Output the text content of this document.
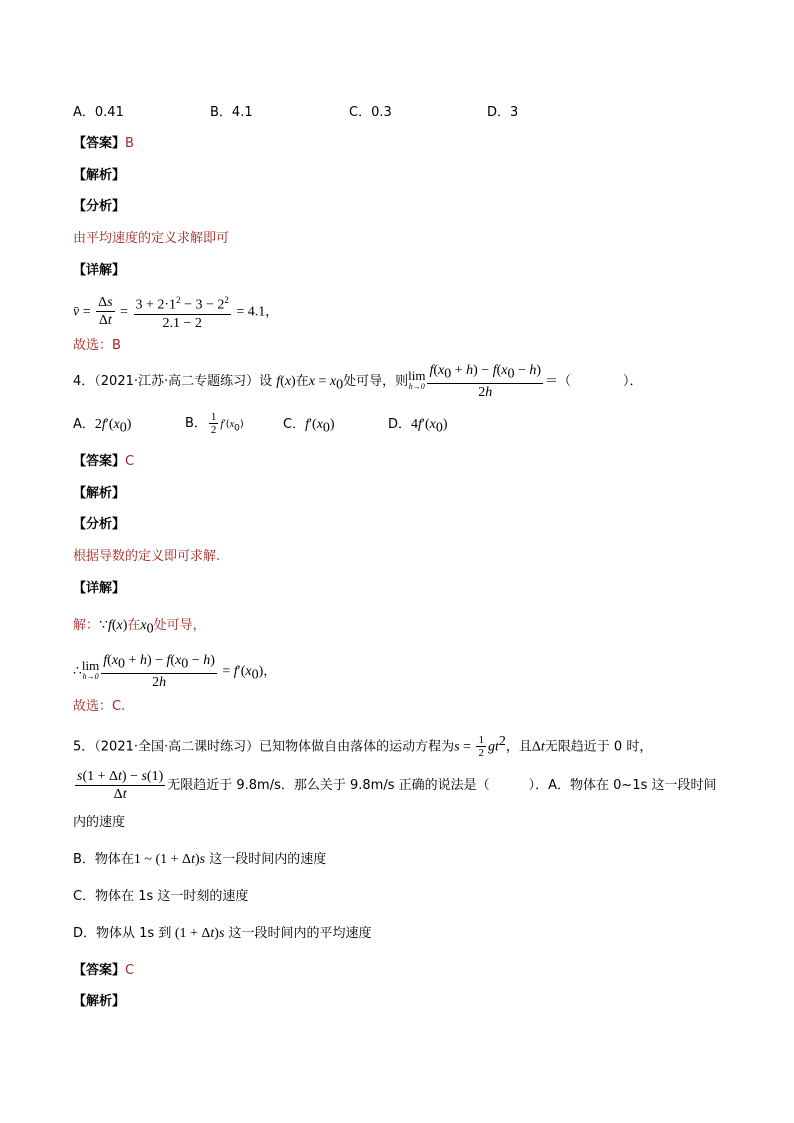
A．0.41	B．4.1	C．0.3	D．3
【答案】B
【解析】
【分析】
由平均速度的定义求解即可
【详解】
v̄ = $\frac{\Delta s}{\Delta t} = \frac{3 + 2\cdot 1^2 - 3 - 2^2}{2.1 - 2} = 4.1$，
故选：B
4．（2021·江苏·高二专题练习）设 f(x)在$x = x_0$处可导，则 lim
$h\to 0 \frac{f(x_0 + h) - f(x_0 - h)}{2h}$ ＝（　　　　）．
A．$2f'(x_0)$	B． $\frac{1}{2} f'(x_0)$	C．$f'(x_0)$	D．$4f'(x_0)$
【答案】C
【解析】
【分析】
根据导数的定义即可求解.
【详解】
解：∵f(x)在$x_0$处可导，
∴ lim
$h\to 0 \frac{f(x_0 + h) - f(x_0 - h)}{2h} = f'(x_0)$，
故选：C.
5．（2021·全国·高二课时练习）已知物体做自由落体的运动方程为$s = \frac{1}{2} gt^2$，且Δt无限趋近于 0 时，
$\frac{s(1 + \Delta t) - s(1)}{\Delta t}$ 无限趋近于 9.8m/s．那么关于 9.8m/s 正确的说法是（　　　）．A．物体在 0~1s 这一段时间
内的速度
B．物体在1 ~ (1 + Δt)s 这一段时间内的速度
C．物体在 1s 这一时刻的速度
D．物体从 1s 到 (1 + Δt)s 这一段时间内的平均速度
【答案】C
【解析】
